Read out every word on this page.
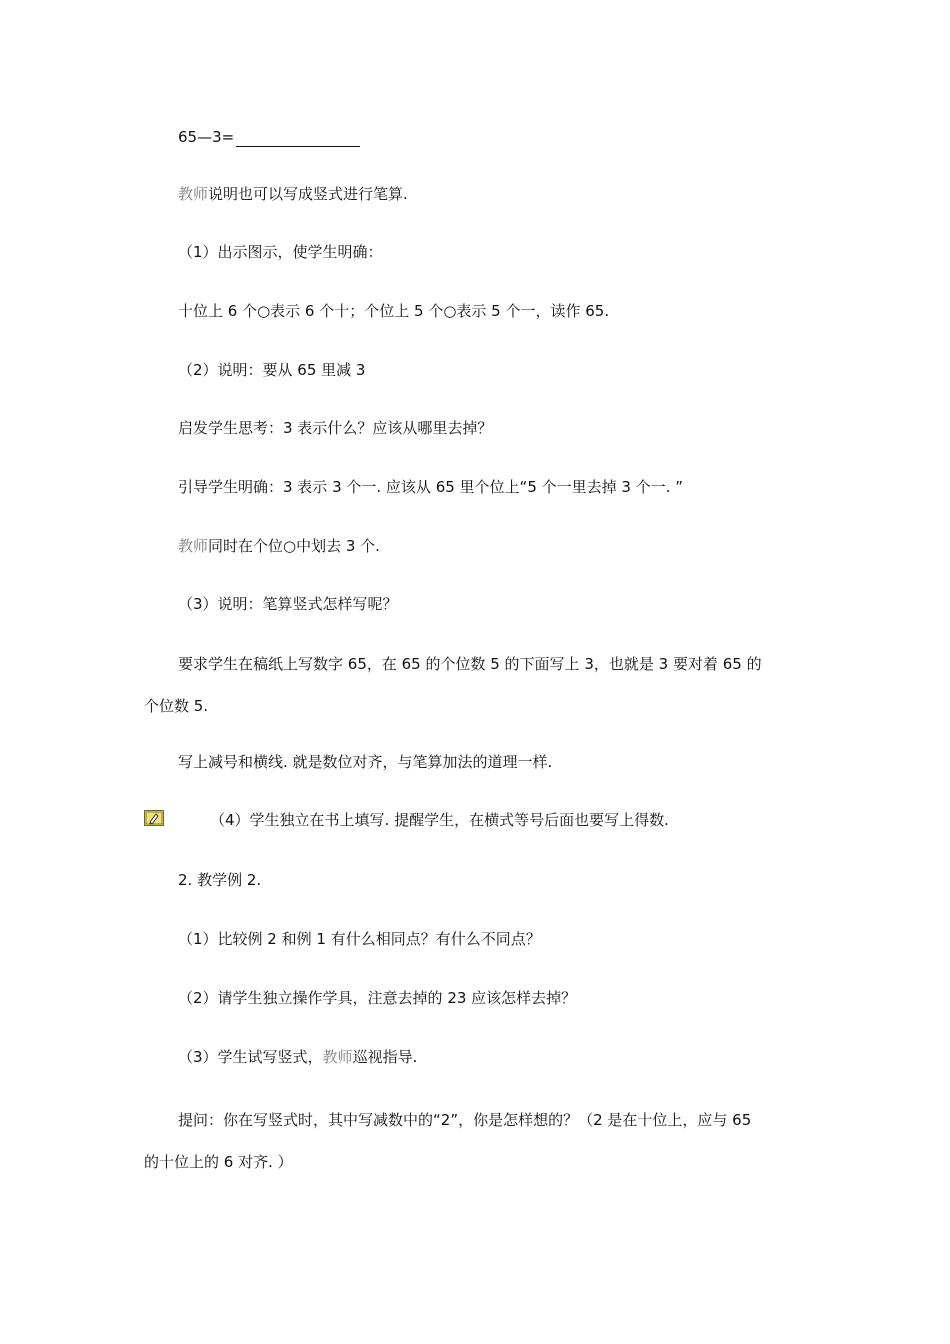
65—3=
教师说明也可以写成竖式进行笔算.
（1）出示图示，使学生明确：
十位上 6 个○表示 6 个十；个位上 5 个○表示 5 个一，读作 65.
（2）说明：要从 65 里减 3
启发学生思考：3 表示什么？应该从哪里去掉？
引导学生明确：3 表示 3 个一. 应该从 65 里个位上“5 个一里去掉 3 个一. ”
教师同时在个位○中划去 3 个.
（3）说明：笔算竖式怎样写呢？
要求学生在稿纸上写数字 65，在 65 的个位数 5 的下面写上 3，也就是 3 要对着 65 的
个位数 5.
写上减号和横线. 就是数位对齐，与笔算加法的道理一样.
（4）学生独立在书上填写. 提醒学生，在横式等号后面也要写上得数.
2. 教学例 2.
（1）比较例 2 和例 1 有什么相同点？有什么不同点？
（2）请学生独立操作学具，注意去掉的 23 应该怎样去掉？
（3）学生试写竖式，教师巡视指导.
提问：你在写竖式时，其中写减数中的“2”，你是怎样想的？（2 是在十位上，应与 65
的十位上的 6 对齐. ）
